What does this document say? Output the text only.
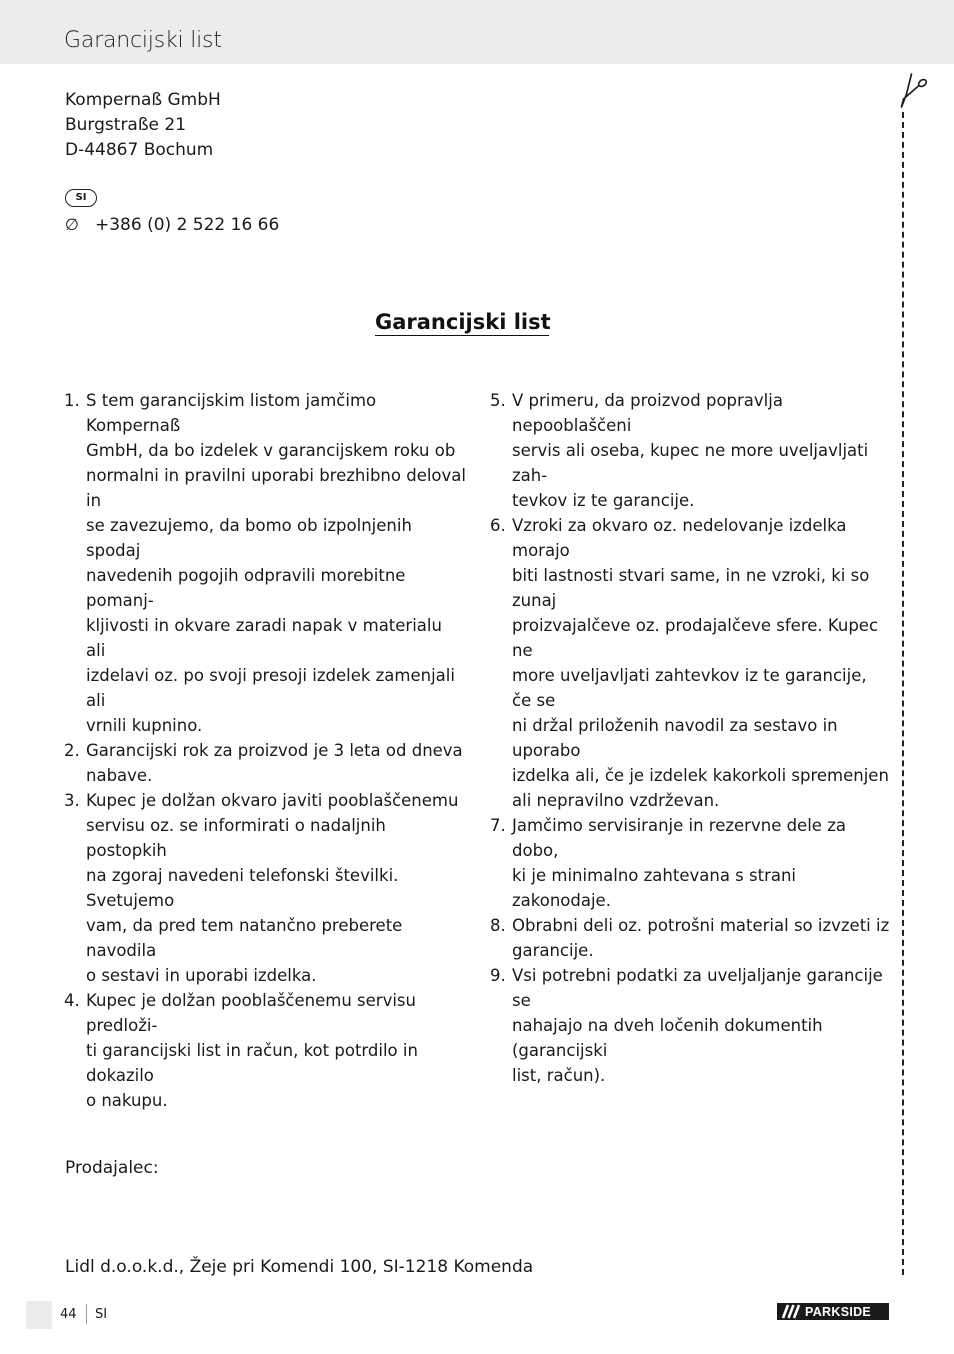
Garancijski list
Kompernaß GmbH
Burgstraße 21
D-44867 Bochum
SI
∅ +386 (0) 2 522 16 66
Garancijski list
1. S tem garancijskim listom jamčimo Kompernaß
GmbH, da bo izdelek v garancijskem roku ob
normalni in pravilni uporabi brezhibno deloval in
se zavezujemo, da bomo ob izpolnjenih spodaj
navedenih pogojih odpravili morebitne pomanj-
kljivosti in okvare zaradi napak v materialu ali
izdelavi oz. po svoji presoji izdelek zamenjali ali
vrnili kupnino.
2. Garancijski rok za proizvod je 3 leta od dneva
nabave.
3. Kupec je dolžan okvaro javiti pooblaščenemu
servisu oz. se informirati o nadaljnih postopkih
na zgoraj navedeni telefonski številki. Svetujemo
vam, da pred tem natančno preberete navodila
o sestavi in uporabi izdelka.
4. Kupec je dolžan pooblaščenemu servisu predloži-
ti garancijski list in račun, kot potrdilo in dokazilo
o nakupu.
5. V primeru, da proizvod popravlja nepooblaščeni
servis ali oseba, kupec ne more uveljavljati zah-
tevkov iz te garancije.
6. Vzroki za okvaro oz. nedelovanje izdelka morajo
biti lastnosti stvari same, in ne vzroki, ki so zunaj
proizvajalčeve oz. prodajalčeve sfere. Kupec ne
more uveljavljati zahtevkov iz te garancije, če se
ni držal priloženih navodil za sestavo in uporabo
izdelka ali, če je izdelek kakorkoli spremenjen
ali nepravilno vzdrževan.
7. Jamčimo servisiranje in rezervne dele za dobo,
ki je minimalno zahtevana s strani zakonodaje.
8. Obrabni deli oz. potrošni material so izvzeti iz
garancije.
9. Vsi potrebni podatki za uveljaljanje garancije se
nahajajo na dveh ločenih dokumentih (garancijski
list, račun).
Prodajalec:
Lidl d.o.o.k.d., Žeje pri Komendi 100, SI-1218 Komenda
44 SI	PARKSIDE
